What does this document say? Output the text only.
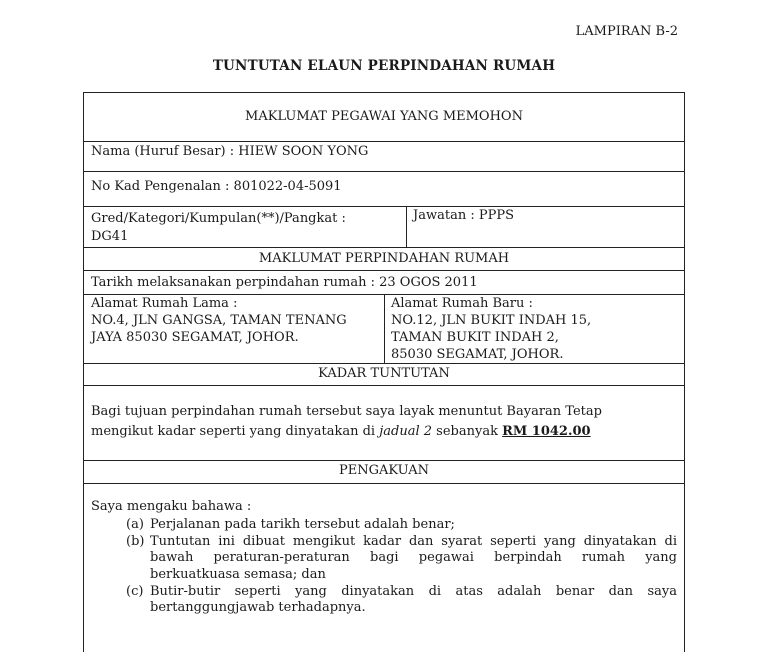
LAMPIRAN B-2
TUNTUTAN ELAUN PERPINDAHAN RUMAH
MAKLUMAT PEGAWAI YANG MEMOHON
Nama (Huruf Besar) : HIEW SOON YONG
No Kad Pengenalan : 801022-04-5091
Gred/Kategori/Kumpulan(**)/Pangkat :
DG41
Jawatan : PPPS
MAKLUMAT PERPINDAHAN RUMAH
Tarikh melaksanakan perpindahan rumah : 23 OGOS 2011
Alamat Rumah Lama :
NO.4, JLN GANGSA, TAMAN TENANG
JAYA 85030 SEGAMAT, JOHOR.
Alamat Rumah Baru :
NO.12, JLN BUKIT INDAH 15,
TAMAN BUKIT INDAH 2,
85030 SEGAMAT, JOHOR.
KADAR TUNTUTAN
Bagi tujuan perpindahan rumah tersebut saya layak menuntut Bayaran Tetap
mengikut kadar seperti yang dinyatakan di jadual 2 sebanyak RM 1042.00
PENGAKUAN
Saya mengaku bahawa :
(a) Perjalanan pada tarikh tersebut adalah benar;
(b) Tuntutan ini dibuat mengikut kadar dan syarat seperti yang dinyatakan di
bawah peraturan-peraturan bagi pegawai berpindah rumah yang
berkuatkuasa semasa; dan
(c) Butir-butir seperti yang dinyatakan di atas adalah benar dan saya
bertanggungjawab terhadapnya.
